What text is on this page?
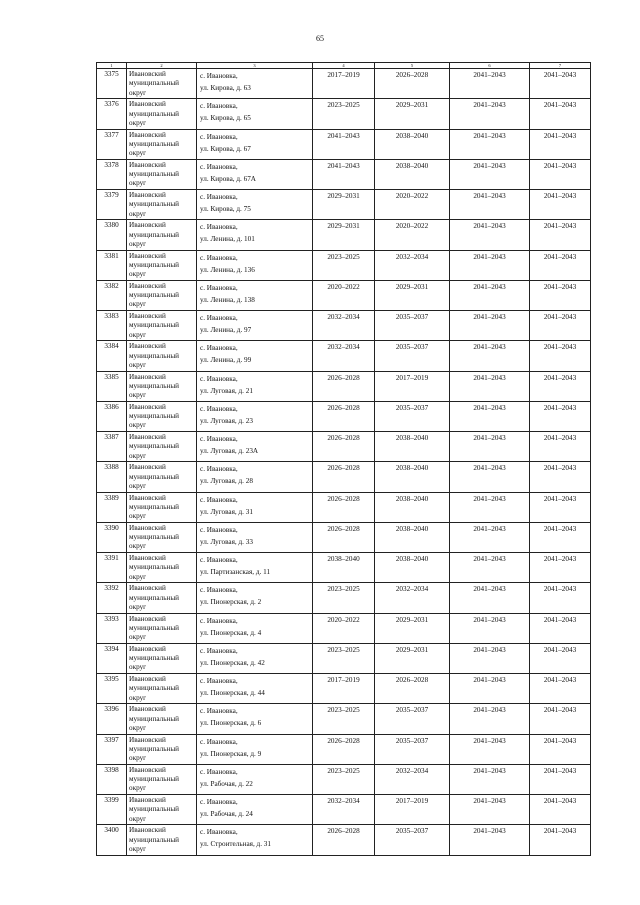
65
1	2	3	4	5	6	7
3375	Ивановский муниципальный округ	с. Ивановка,
ул. Кирова, д. 63	2017–2019	2026–2028	2041–2043	2041–2043
3376	Ивановский муниципальный округ	с. Ивановка,
ул. Кирова, д. 65	2023–2025	2029–2031	2041–2043	2041–2043
3377	Ивановский муниципальный округ	с. Ивановка,
ул. Кирова, д. 67	2041–2043	2038–2040	2041–2043	2041–2043
3378	Ивановский муниципальный округ	с. Ивановка,
ул. Кирова, д. 67А	2041–2043	2038–2040	2041–2043	2041–2043
3379	Ивановский муниципальный округ	с. Ивановка,
ул. Кирова, д. 75	2029–2031	2020–2022	2041–2043	2041–2043
3380	Ивановский муниципальный округ	с. Ивановка,
ул. Ленина, д. 101	2029–2031	2020–2022	2041–2043	2041–2043
3381	Ивановский муниципальный округ	с. Ивановка,
ул. Ленина, д. 136	2023–2025	2032–2034	2041–2043	2041–2043
3382	Ивановский муниципальный округ	с. Ивановка,
ул. Ленина, д. 138	2020–2022	2029–2031	2041–2043	2041–2043
3383	Ивановский муниципальный округ	с. Ивановка,
ул. Ленина, д. 97	2032–2034	2035–2037	2041–2043	2041–2043
3384	Ивановский муниципальный округ	с. Ивановка,
ул. Ленина, д. 99	2032–2034	2035–2037	2041–2043	2041–2043
3385	Ивановский муниципальный округ	с. Ивановка,
ул. Луговая, д. 21	2026–2028	2017–2019	2041–2043	2041–2043
3386	Ивановский муниципальный округ	с. Ивановка,
ул. Луговая, д. 23	2026–2028	2035–2037	2041–2043	2041–2043
3387	Ивановский муниципальный округ	с. Ивановка,
ул. Луговая, д. 23А	2026–2028	2038–2040	2041–2043	2041–2043
3388	Ивановский муниципальный округ	с. Ивановка,
ул. Луговая, д. 28	2026–2028	2038–2040	2041–2043	2041–2043
3389	Ивановский муниципальный округ	с. Ивановка,
ул. Луговая, д. 31	2026–2028	2038–2040	2041–2043	2041–2043
3390	Ивановский муниципальный округ	с. Ивановка,
ул. Луговая, д. 33	2026–2028	2038–2040	2041–2043	2041–2043
3391	Ивановский муниципальный округ	с. Ивановка,
ул. Партизанская, д. 11	2038–2040	2038–2040	2041–2043	2041–2043
3392	Ивановский муниципальный округ	с. Ивановка,
ул. Пионерская, д. 2	2023–2025	2032–2034	2041–2043	2041–2043
3393	Ивановский муниципальный округ	с. Ивановка,
ул. Пионерская, д. 4	2020–2022	2029–2031	2041–2043	2041–2043
3394	Ивановский муниципальный округ	с. Ивановка,
ул. Пионерская, д. 42	2023–2025	2029–2031	2041–2043	2041–2043
3395	Ивановский муниципальный округ	с. Ивановка,
ул. Пионерская, д. 44	2017–2019	2026–2028	2041–2043	2041–2043
3396	Ивановский муниципальный округ	с. Ивановка,
ул. Пионерская, д. 6	2023–2025	2035–2037	2041–2043	2041–2043
3397	Ивановский муниципальный округ	с. Ивановка,
ул. Пионерская, д. 9	2026–2028	2035–2037	2041–2043	2041–2043
3398	Ивановский муниципальный округ	с. Ивановка,
ул. Рабочая, д. 22	2023–2025	2032–2034	2041–2043	2041–2043
3399	Ивановский муниципальный округ	с. Ивановка,
ул. Рабочая, д. 24	2032–2034	2017–2019	2041–2043	2041–2043
3400	Ивановский муниципальный округ	с. Ивановка,
ул. Строительная, д. 31	2026–2028	2035–2037	2041–2043	2041–2043
